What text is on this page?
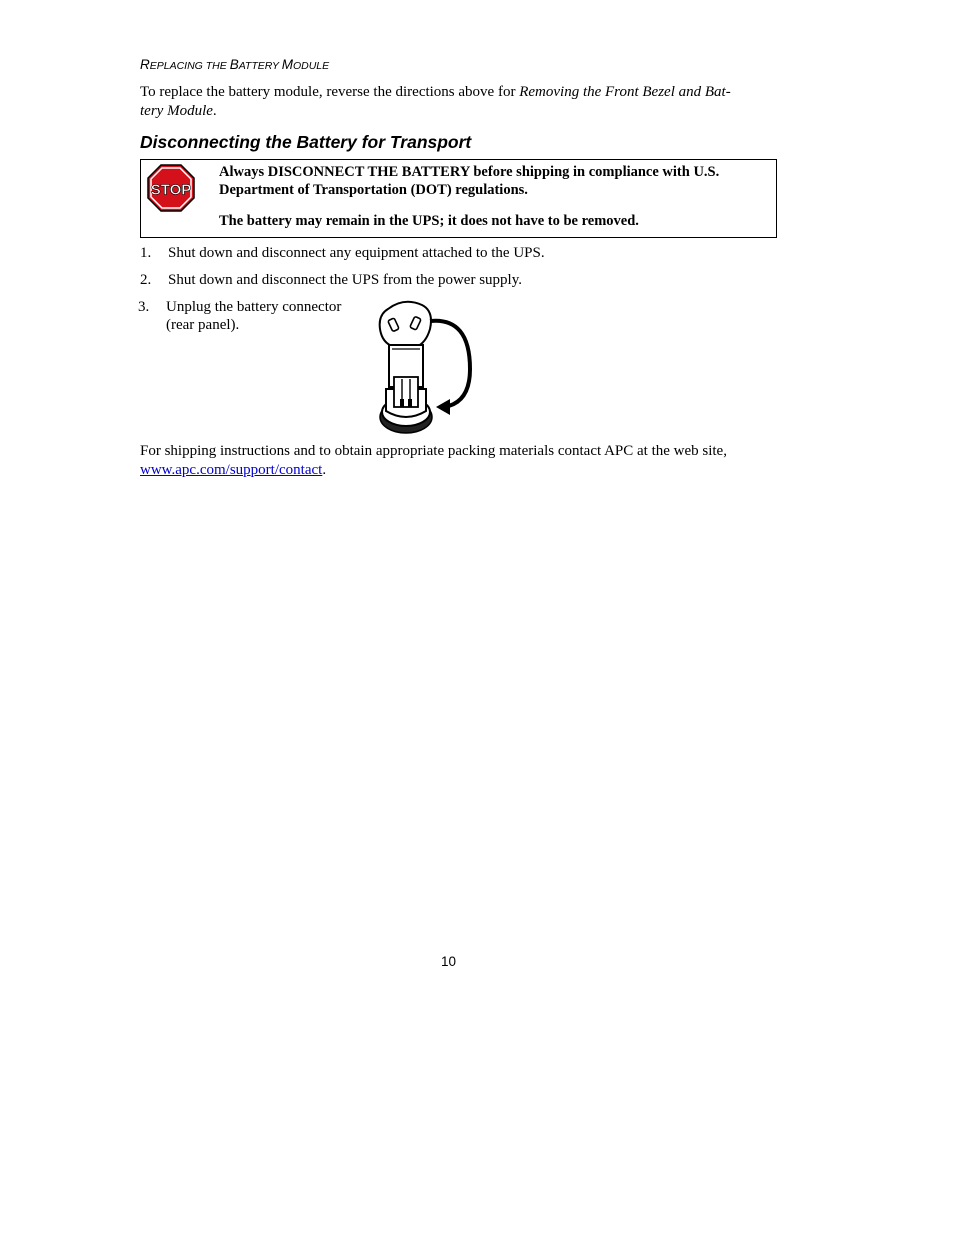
REPLACING THE BATTERY MODULE

To replace the battery module, reverse the directions above for Removing the Front Bezel and Bat-
tery Module.

Disconnecting the Battery for Transport
STOP

Always DISCONNECT THE BATTERY before shipping in compliance with U.S.

Department of Transportation (DOT) regulations.

The battery may remain in the UPS; it does not have to be removed.

1. Shut down and disconnect any equipment attached to the UPS.
2. Shut down and disconnect the UPS from the power supply.
3. Unplug the battery connector
(rear panel).

For shipping instructions and to obtain appropriate packing materials contact APC at the web site,
www.apc.com/support/contact.

10
